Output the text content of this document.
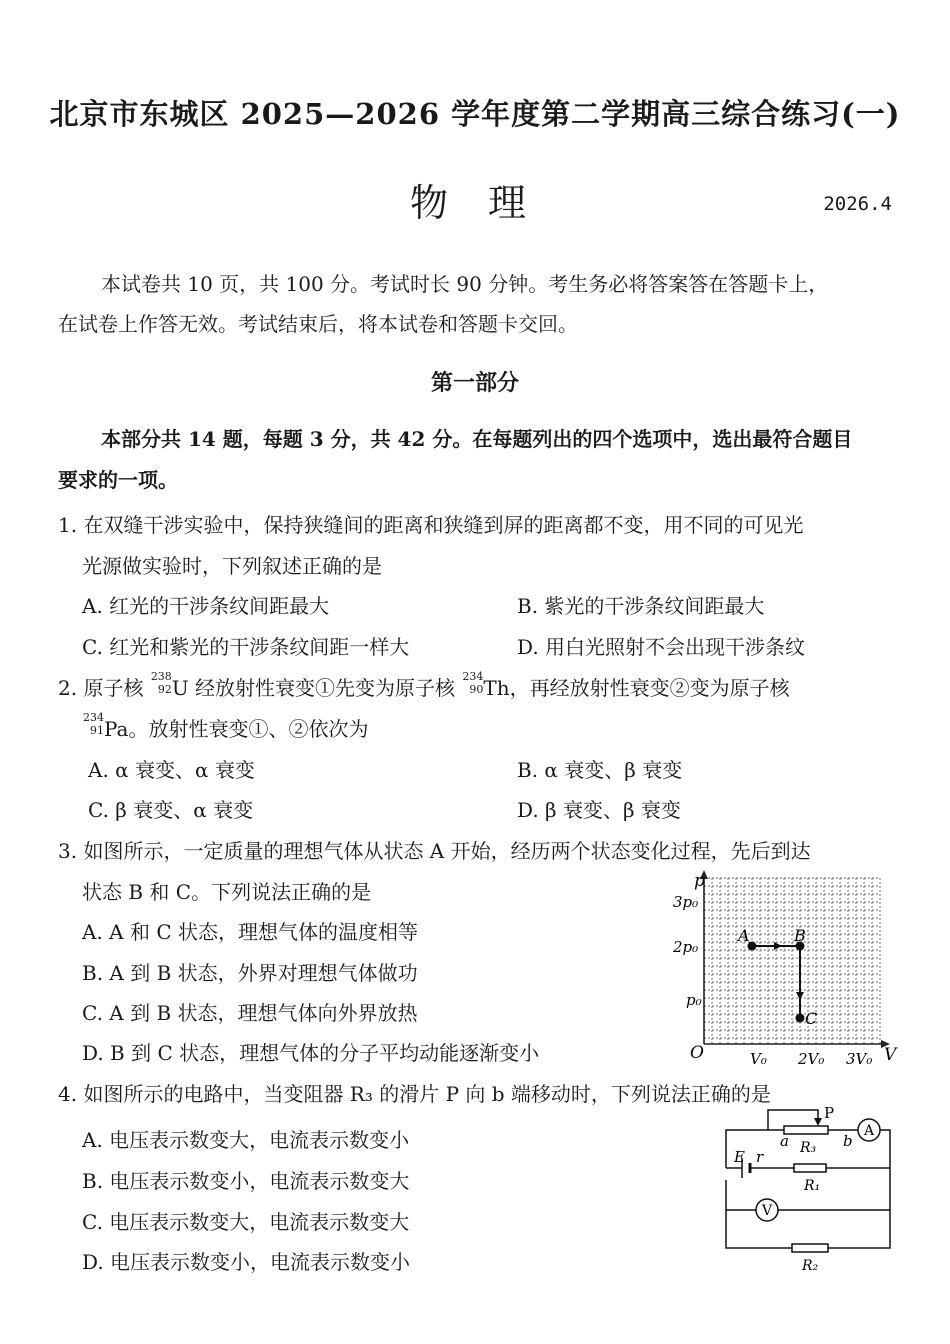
北京市东城区 2025—2026 学年度第二学期高三综合练习(一)
物 理	2026.4
本试卷共 10 页，共 100 分。考试时长 90 分钟。考生务必将答案答在答题卡上，
在试卷上作答无效。考试结束后，将本试卷和答题卡交回。
第一部分
本部分共 14 题，每题 3 分，共 42 分。在每题列出的四个选项中，选出最符合题目
要求的一项。
1. 在双缝干涉实验中，保持狭缝间的距离和狭缝到屏的距离都不变，用不同的可见光
光源做实验时，下列叙述正确的是
A. 红光的干涉条纹间距最大	B. 紫光的干涉条纹间距最大
C. 红光和紫光的干涉条纹间距一样大	D. 用白光照射不会出现干涉条纹
2. 原子核 238
92 U 经放射性衰变①先变为原子核 234
90 Th，再经放射性衰变②变为原子核
234
91 Pa。放射性衰变①、②依次为
A. α 衰变、α 衰变	B. α 衰变、β 衰变
C. β 衰变、α 衰变	D. β 衰变、β 衰变
3. 如图所示，一定质量的理想气体从状态 A 开始，经历两个状态变化过程，先后到达
状态 B 和 C。下列说法正确的是
A. A 和 C 状态，理想气体的温度相等
B. A 到 B 状态，外界对理想气体做功
C. A 到 B 状态，理想气体向外界放热
D. B 到 C 状态，理想气体的分子平均动能逐渐变小
p
V
O
3p₀
2p₀
p₀
V₀ 2V₀ 3V₀
A	B
C
4. 如图所示的电路中，当变阻器 R₃ 的滑片 P 向 b 端移动时，下列说法正确的是
A. 电压表示数变大，电流表示数变小
B. 电压表示数变小，电流表示数变大
C. 电压表示数变大，电流表示数变大
D. 电压表示数变小，电流表示数变小
P
A
V
a	b
R₃
R₁
R₂
E r
